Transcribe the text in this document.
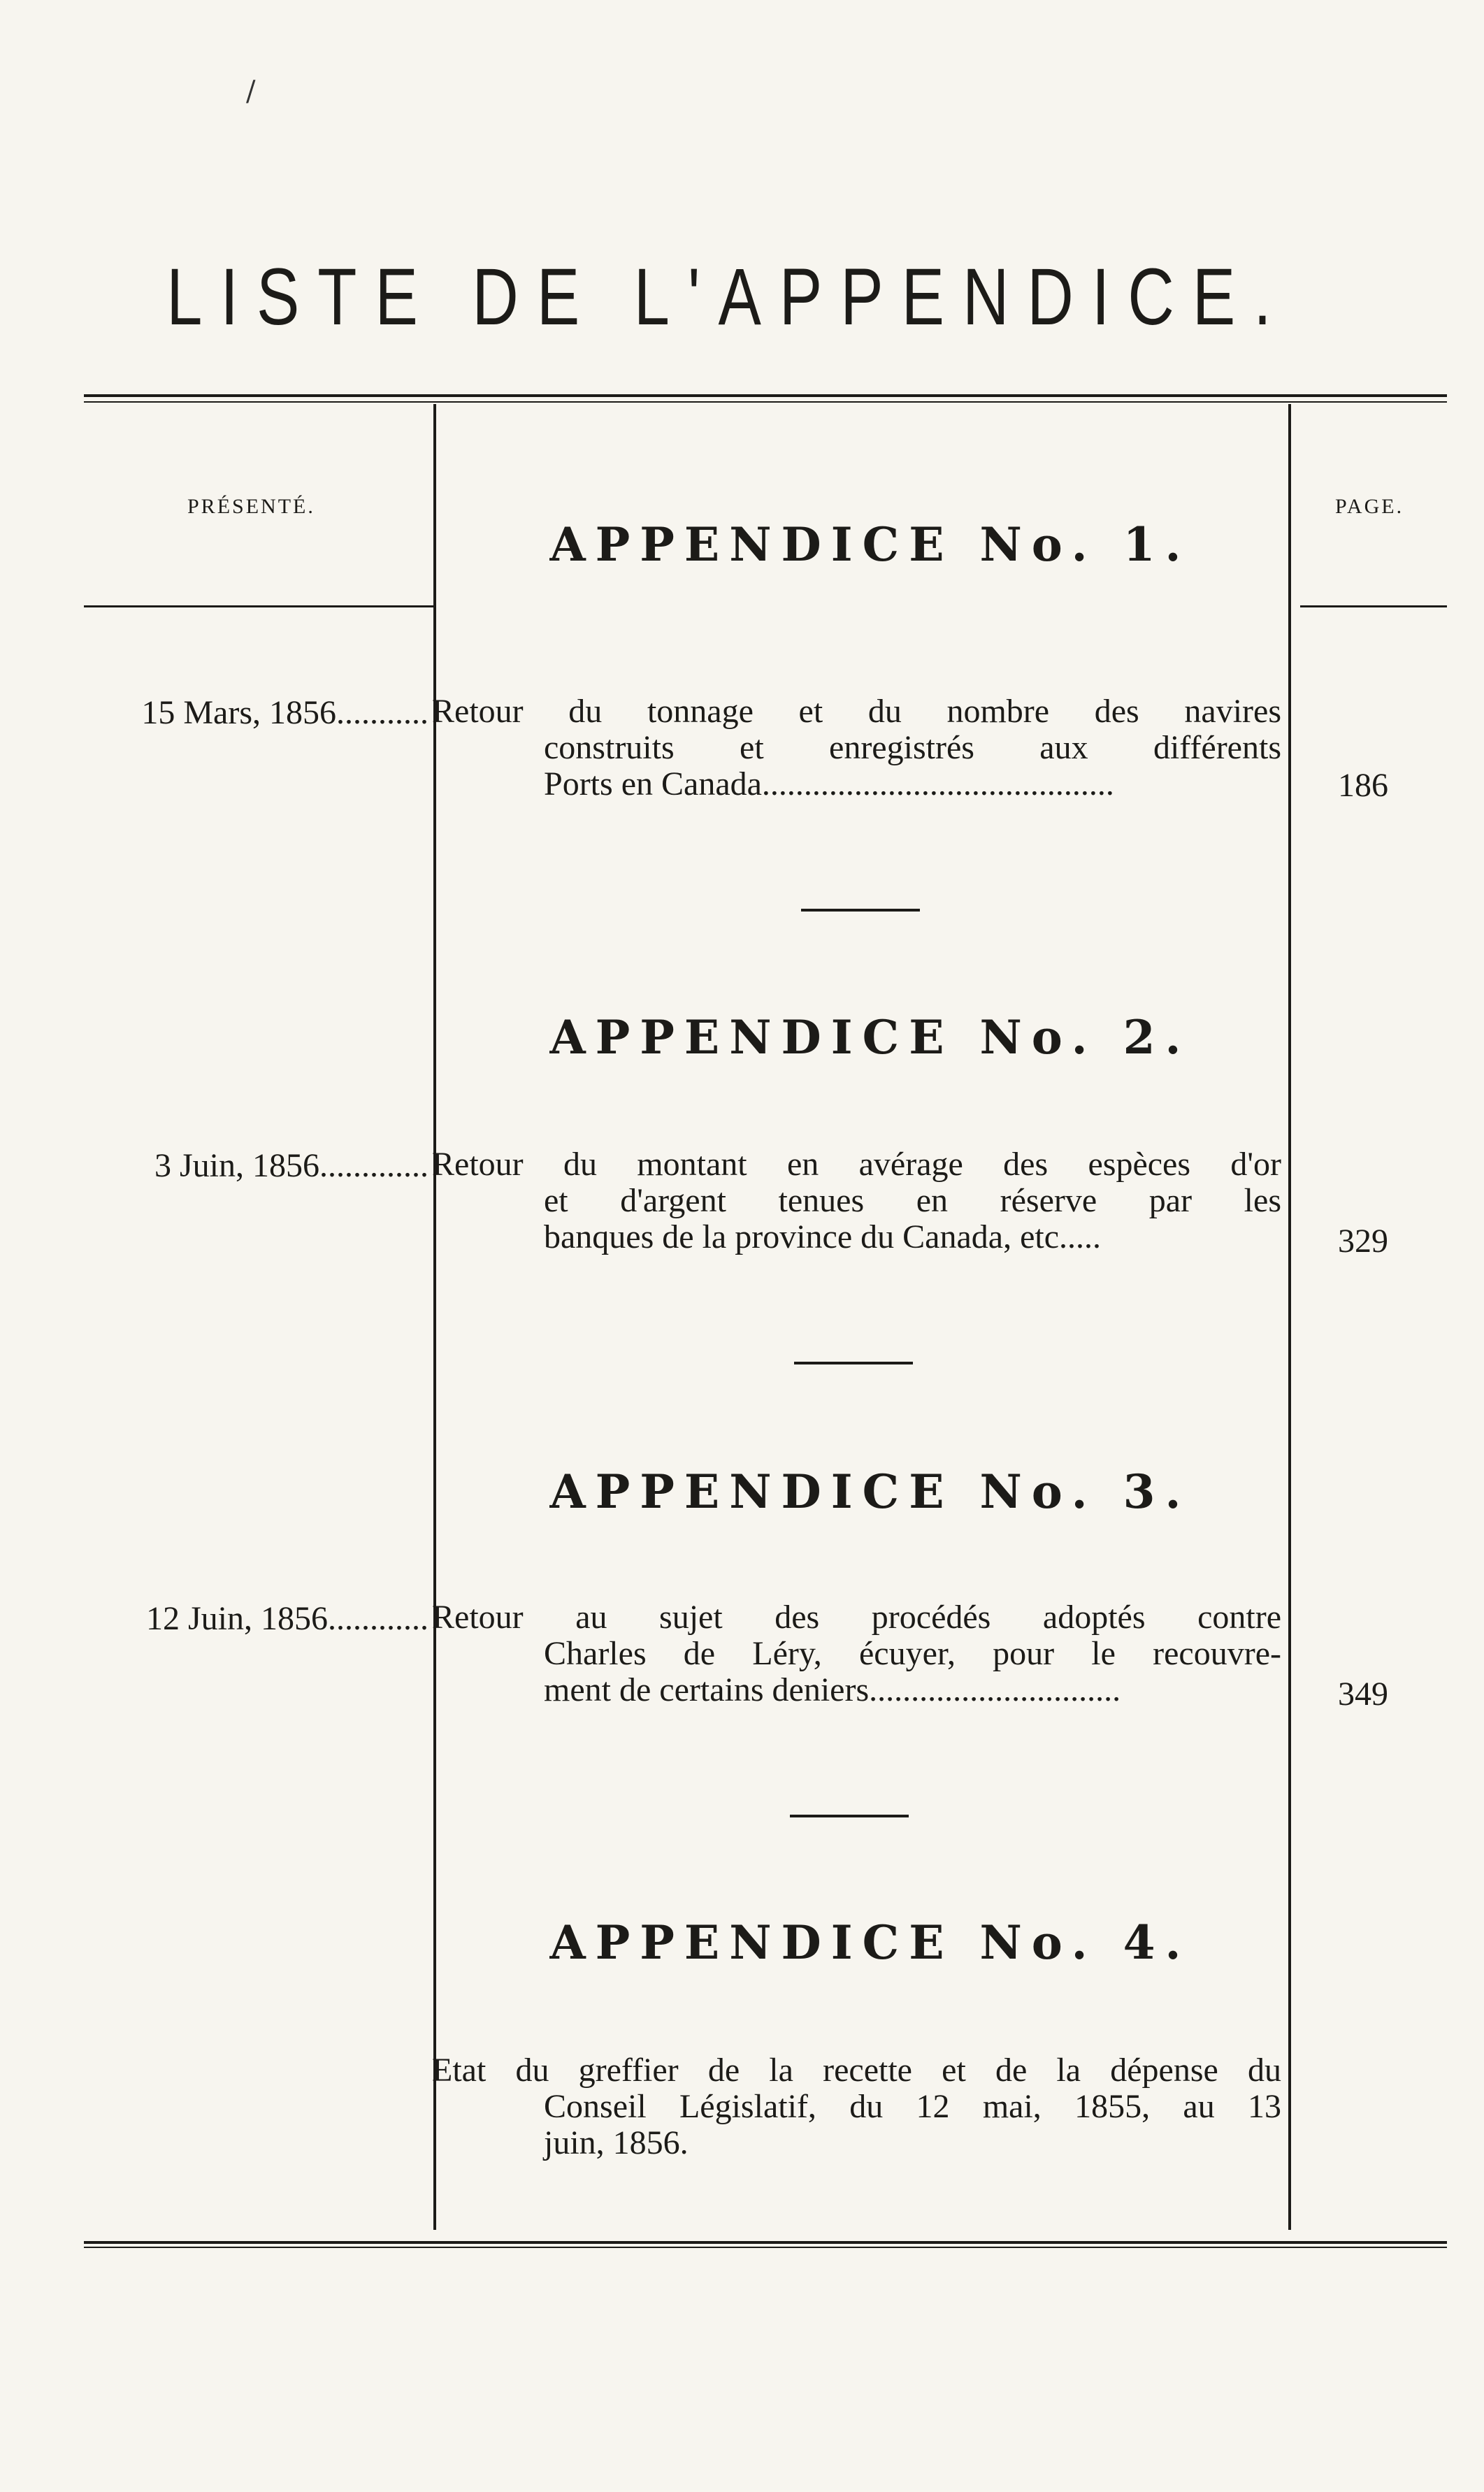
/
LISTE DE L'APPENDICE.
PRÉSENTÉ.	PAGE.
APPENDICE No. 1.
15 Mars, 1856........... Retour du tonnage et du nombre des navires
construits et enregistrés aux différents
Ports en Canada..........................................	186
APPENDICE No. 2.
3 Juin, 1856............. Retour du montant en avérage des espèces d'or
et d'argent tenues en réserve par les
banques de la province du Canada, etc.....	329
APPENDICE No. 3.
12 Juin, 1856............ Retour au sujet des procédés adoptés contre
Charles de Léry, écuyer, pour le recouvre-
ment de certains deniers..............................	349
APPENDICE No. 4.
Etat du greffier de la recette et de la dépense du
Conseil Législatif, du 12 mai, 1855, au 13
juin, 1856.
